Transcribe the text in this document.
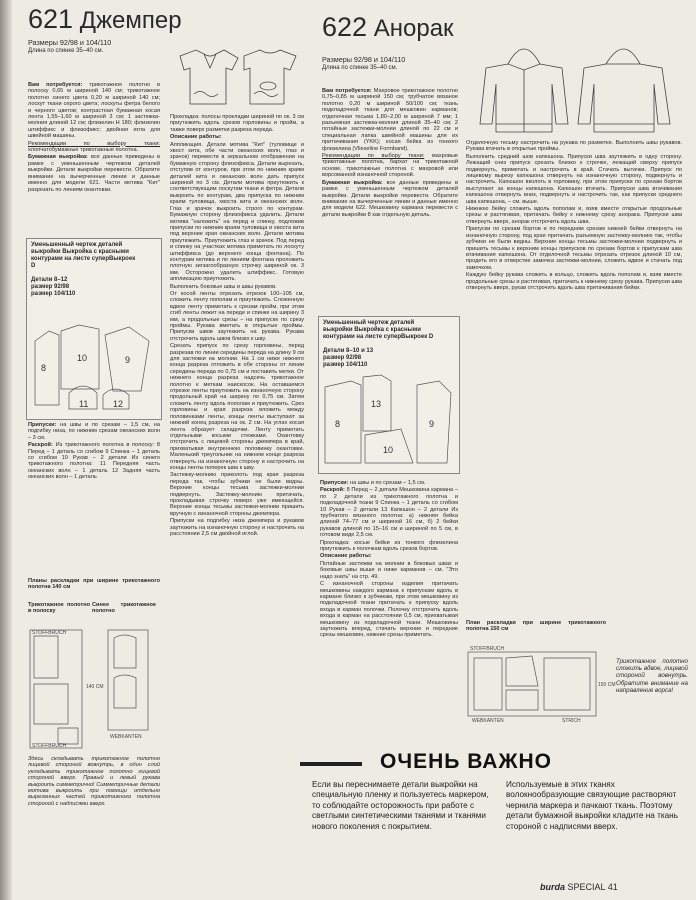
621 Джемпер
Размеры 92/98 и 104/110
Длина по спинке 35–40 см.

Вам потребуется: трикотажное полотно в полоску 0,65 м шириной 140 см; трикотажное полотно синего цвета 0,20 м шириной 140 см; лоскут ткани серого цвета; лоскуты фетра белого и черного цветов; контрастная бумажная косая лента 1,55–1,60 м шириной 3 см; 1 застежка-молния длиной 12 см; флизелин Н 180; флизелин штиффикс и флизофикс; двойная игла для швейной машины.

Рекомендации по выбору ткани: хлопчатобумажные трикотажные полотна.

Бумажная выкройка: все данные приведены в рамке с уменьшенным чертежом деталей выкройки. Детали выкройки перевести. Обратите внимание на вычерченные линии и данные именно для модели 621. Части мотива "Кит" разрезать по линиям окантовки.

Уменьшенный чертеж деталей выкройки Выкройка с красными контурами на листе суперВыкроек D
Детали 8–12
размер 92/98
размер 104/110
8
10	9
11	12

Припуски: на швы и по срезам – 1,5 см, на подгибку низа, по нижним срезам океанских волн – 3 см.

Раскрой: Из трикотажного полотна в полоску: 8 Перед – 1 деталь со сгибом 9 Спинка – 1 деталь со сгибом 10 Рукав – 2 детали Из синего трикотажного полотна: 11 Передняя часть океанских волн – 1 деталь 12 Задняя часть океанских волн – 1 деталь

Планы раскладки при ширине трикотажного полотна 140 см

Трикотажное полотно в полоску

Синее трикотажное полотно

STOFFBRUCH
STOFFBRUCH
140 CM
WEBKANTEN

Здесь складывать трикотажное полотно лицевой стороной вовнутрь, в один слой укладывать трикотажное полотно лицевой стороной вверх. Правый и левый рукава выкроить симметрично! Симметричные детали мотива выкроить при помощи отдельно вырезанных частей трикотажного полотна стороной с надписями вверх.

Прокладка: полосы прокладки шириной по ок. 3 см приутюжить вдоль срезов горловины и пройм, а также поверх разметки разреза переда.

Описание работы:

Аппликация. Детали мотива "Кит" (туловище и хвост кита, обе части океанских волн, глаз и зрачок) перевести в зеркальном отображении на бумажную сторону флизофикса. Детали вырезать, отступив от контуров, при этом по нижним краям деталей кита и океанских волн дать припуск шириной по 3 см. Детали мотива приутюжить к соответствующим лоскутам ткани и фетра. Детали выкроить по контурам, два припуска по нижним краям туловища, хвоста кита и океанских волн. Глаз и зрачок выкроить строго по контурам. Бумажную сторону флизофикса удалить. Детали мотива "наложить" на перед и спинку, подложив припуски по нижним краям туловища и хвоста кита под верхние края океанских волн. Детали мотива приутюжить. Приутюжить глаз и зрачок. Под перед и спинку на участках мотива приметать по лоскуту штиффикса (до верхнего конца фонтана). По контурам мотива и по линиям фонтана проложить плотную зигзагообразную строчку шириной ок. 3 мм. Осторожно удалить штиффикс. Готовую аппликацию приутюжить.

Выполнить боковые швы и швы рукавов.

От косой ленты отрезать отрезок 100–105 см, сложить ленту пополам и приутюжить. Сложенную вдвое ленту приметать к срезам пройм, при этом сгиб ленты лежит на переде и спинке на ширину 3 мм, а продольные срезы – на припуске по срезу проймы. Рукава вметать в открытые проймы. Припуски швов заутюжить на рукава. Рукава отстрочить вдоль швов близко к шву.

Срезать припуск по срезу горловины, перед разрезав по линии середины переда на длину 9 см для застежки на молнии. На 1 см ниже нижнего конца разреза отложить в обе стороны от линии середины переда по 0,75 см и поставить метки. От нижнего конца разреза надсечь трикотажное полотно к меткам наискосок. На оставшемся отрезке ленты приутюжить на изнаночную сторону продольный край на ширину по 0,75 см. Затем сложить ленту вдоль пополам и приутюжить. Срез горловины и края разреза вложить между половинками ленты, концы ленты выступают за нижний конец разреза на ок. 2 см. На углах косая лента образует складочки. Ленту приметать отдельными косыми стежками. Окантовку отстрочить с лицевой стороны джемпера в край, прихватывая внутреннюю половинку окантовки. Маленький треугольник на нижнем конце разреза отвернуть на изнаночную сторону и настрочить на концы ленты поперек шва к шву.

Застежку-молнию приколоть под края разреза переда так, чтобы зубчики не были видны. Верхние концы тесьма застежки-молнии подвернуть. Застежку-молнию притачать, прокладывая строчку поверх уже имеющейся. Верхние концы тесьмы застежки-молнии пришить вручную с изнаночной стороны джемпера.

Припуски на подгибку низа джемпера и рукавов заутюжить на изнаночную сторону и настрочить на расстоянии 2,5 см двойной иглой.

622 Анорак
Размеры 92/98 и 104/110
Длина по спинке 35–40 см.

Вам потребуется: Махровое трикотажное полотно 0,75–0,85 м шириной 150 см; трубчатое вязаное полотно 0,20 м шириной 50/100 см; ткань подкладочной ткани для мешковин карманов; отделочная тесьма 1,80–2,00 м шириной 7 мм; 1 разъемная застежка-молния длиной 35–40 см; 2 потайные застежки-молнии длиной по 22 см и специальная лапка швейной машины для их притачивания (YKK); косая бейка из тонкого флизелина (Vlieseline Formband).

Рекомендации по выбору ткани: махровые трикотажные полотна, бархат на трикотажной основе, трикотажные полотна с махровой или ворсованной изнаночной стороной.

Бумажная выкройка: все данные приведены в рамке с уменьшенным чертежом деталей выкройки. Детали выкройки перевести. Обратите внимание на вычерченные линии и данные именно для модели 622. Мешковину кармана перевести с детали выкройки 8 как отдельную деталь.

Уменьшенный чертеж деталей выкройки Выкройка с красными контурами на листе суперВыкроек D
Детали 8–10 и 13
размер 92/98
размер 104/110
8
13
10
9

Припуски: на швы и по срезам – 1,5 см.

Раскрой: 8 Перед – 2 детали Мешковина кармана – по 2 детали из трикотажного полотна и подкладочной ткани 9 Спинка – 1 деталь со сгибом 10 Рукав – 2 детали 13 Капюшон – 2 детали Из трубчатого вязаного полотна: а) нижняя бейка длиной 74–77 см и шириной 16 см, б) 2 бейки рукавов длиной по 15–16 см и шириной по 5 см, в готовом виде 2,5 см.

Прокладка: косые бейки из тонкого флизелина приутюжить к полочкам вдоль срезов бортов.

Описание работы:

Потайные застежки на молнии в боковых швах и боковые швы выше и ниже карманов – см. "Это надо знать" на стр. 49.

С изнаночной стороны изделия притачать мешковины каждого кармана к припускам вдоль в кармане близко к зубчикам, при этом мешковину из подкладочной ткани притачать к припуску вдоль входа в карман полочки. Полочку отстрочить вдоль входа в карман на расстоянии 0,5 см, прихватывая мешковину из подкладочной ткани. Мешковины заутюжить вперед, стачать верхние и передние срезы мешковин, нижние срезы приметать.

Отделочную тесьму настрочить на рукава по разметке. Выполнить швы рукавов. Рукава втачать в открытые проймы.

Выполнить средний шов капюшона. Припуски шва заутюжить в одну сторону. Лежащий сниз припуск срезать близко к строчке, лежащий сверху припуск подвернуть, приметать и настрочить в край. Стачать вытачки. Припуск по лицевому вырезу капюшона отвернуть на изнаночную сторону, подвернуть и настрочить. Капюшон вколоть в горловину, при этом припуски по срезам бортов выступают за концы капюшона. Капюшон втачать. Припуски шва втачивания капюшона отвернуть вниз, подвернуть и настрочить так, как припуски среднего шва капюшона, – см. выше.

Нижнюю бейку сложить вдоль пополам и, взяв вместе открытые продольные срезы и растягивая, притачать бейку к нижнему срезу анорака. Припуски шва отвернуть вверх, анорак отстрочить вдоль шва.

Припуски по срезам бортов и по передним срезам нижней бейки отвернуть на изнаночную сторону, под края притачать разъемную застежку-молнию так, чтобы зубчики не были видны. Верхние концы тесьмы застежки-молнии подвернуть и пришить тесьмы к верхним концы припусков по срезам бортов к припускам шва втачивания капюшона. От отделочной тесьмы отрезать отрезок длиной 10 см, продеть его в отверстие замочка застежки-молнии, сложить вдвое и стачать под замочком.

Каждую бейку рукава сложить в кольцо, сложить вдоль пополам и, взяв вместе продольные срезы и растягивая, притачать к нижнему срезу рукава. Припуски шва отвернуть вверх, рукав отстрочить вдоль шва притачивания бейки.

План раскладки при ширине трикотажного полотна 150 см

STOFFBRUCH
WEBKANTEN	STRICH
150 CM

Трикотажное полотно сложить вдвое, лицевой стороной вовнутрь. Обратите внимание на направление ворса!

ОЧЕНЬ ВАЖНО
Если вы переснимаете детали выкройки на специальную пленку и пользуетесь маркером, то соблюдайте осторожность при работе с светлыми синтетическими тканями и тканями нового поколения с покрытием.
Используемые в этих тканях волокнообразующие связующие растворяют чернила маркера и пачкают ткань. Поэтому детали бумажной выкройки кладите на ткань стороной с надписями вверх.
burda SPECIAL 41
